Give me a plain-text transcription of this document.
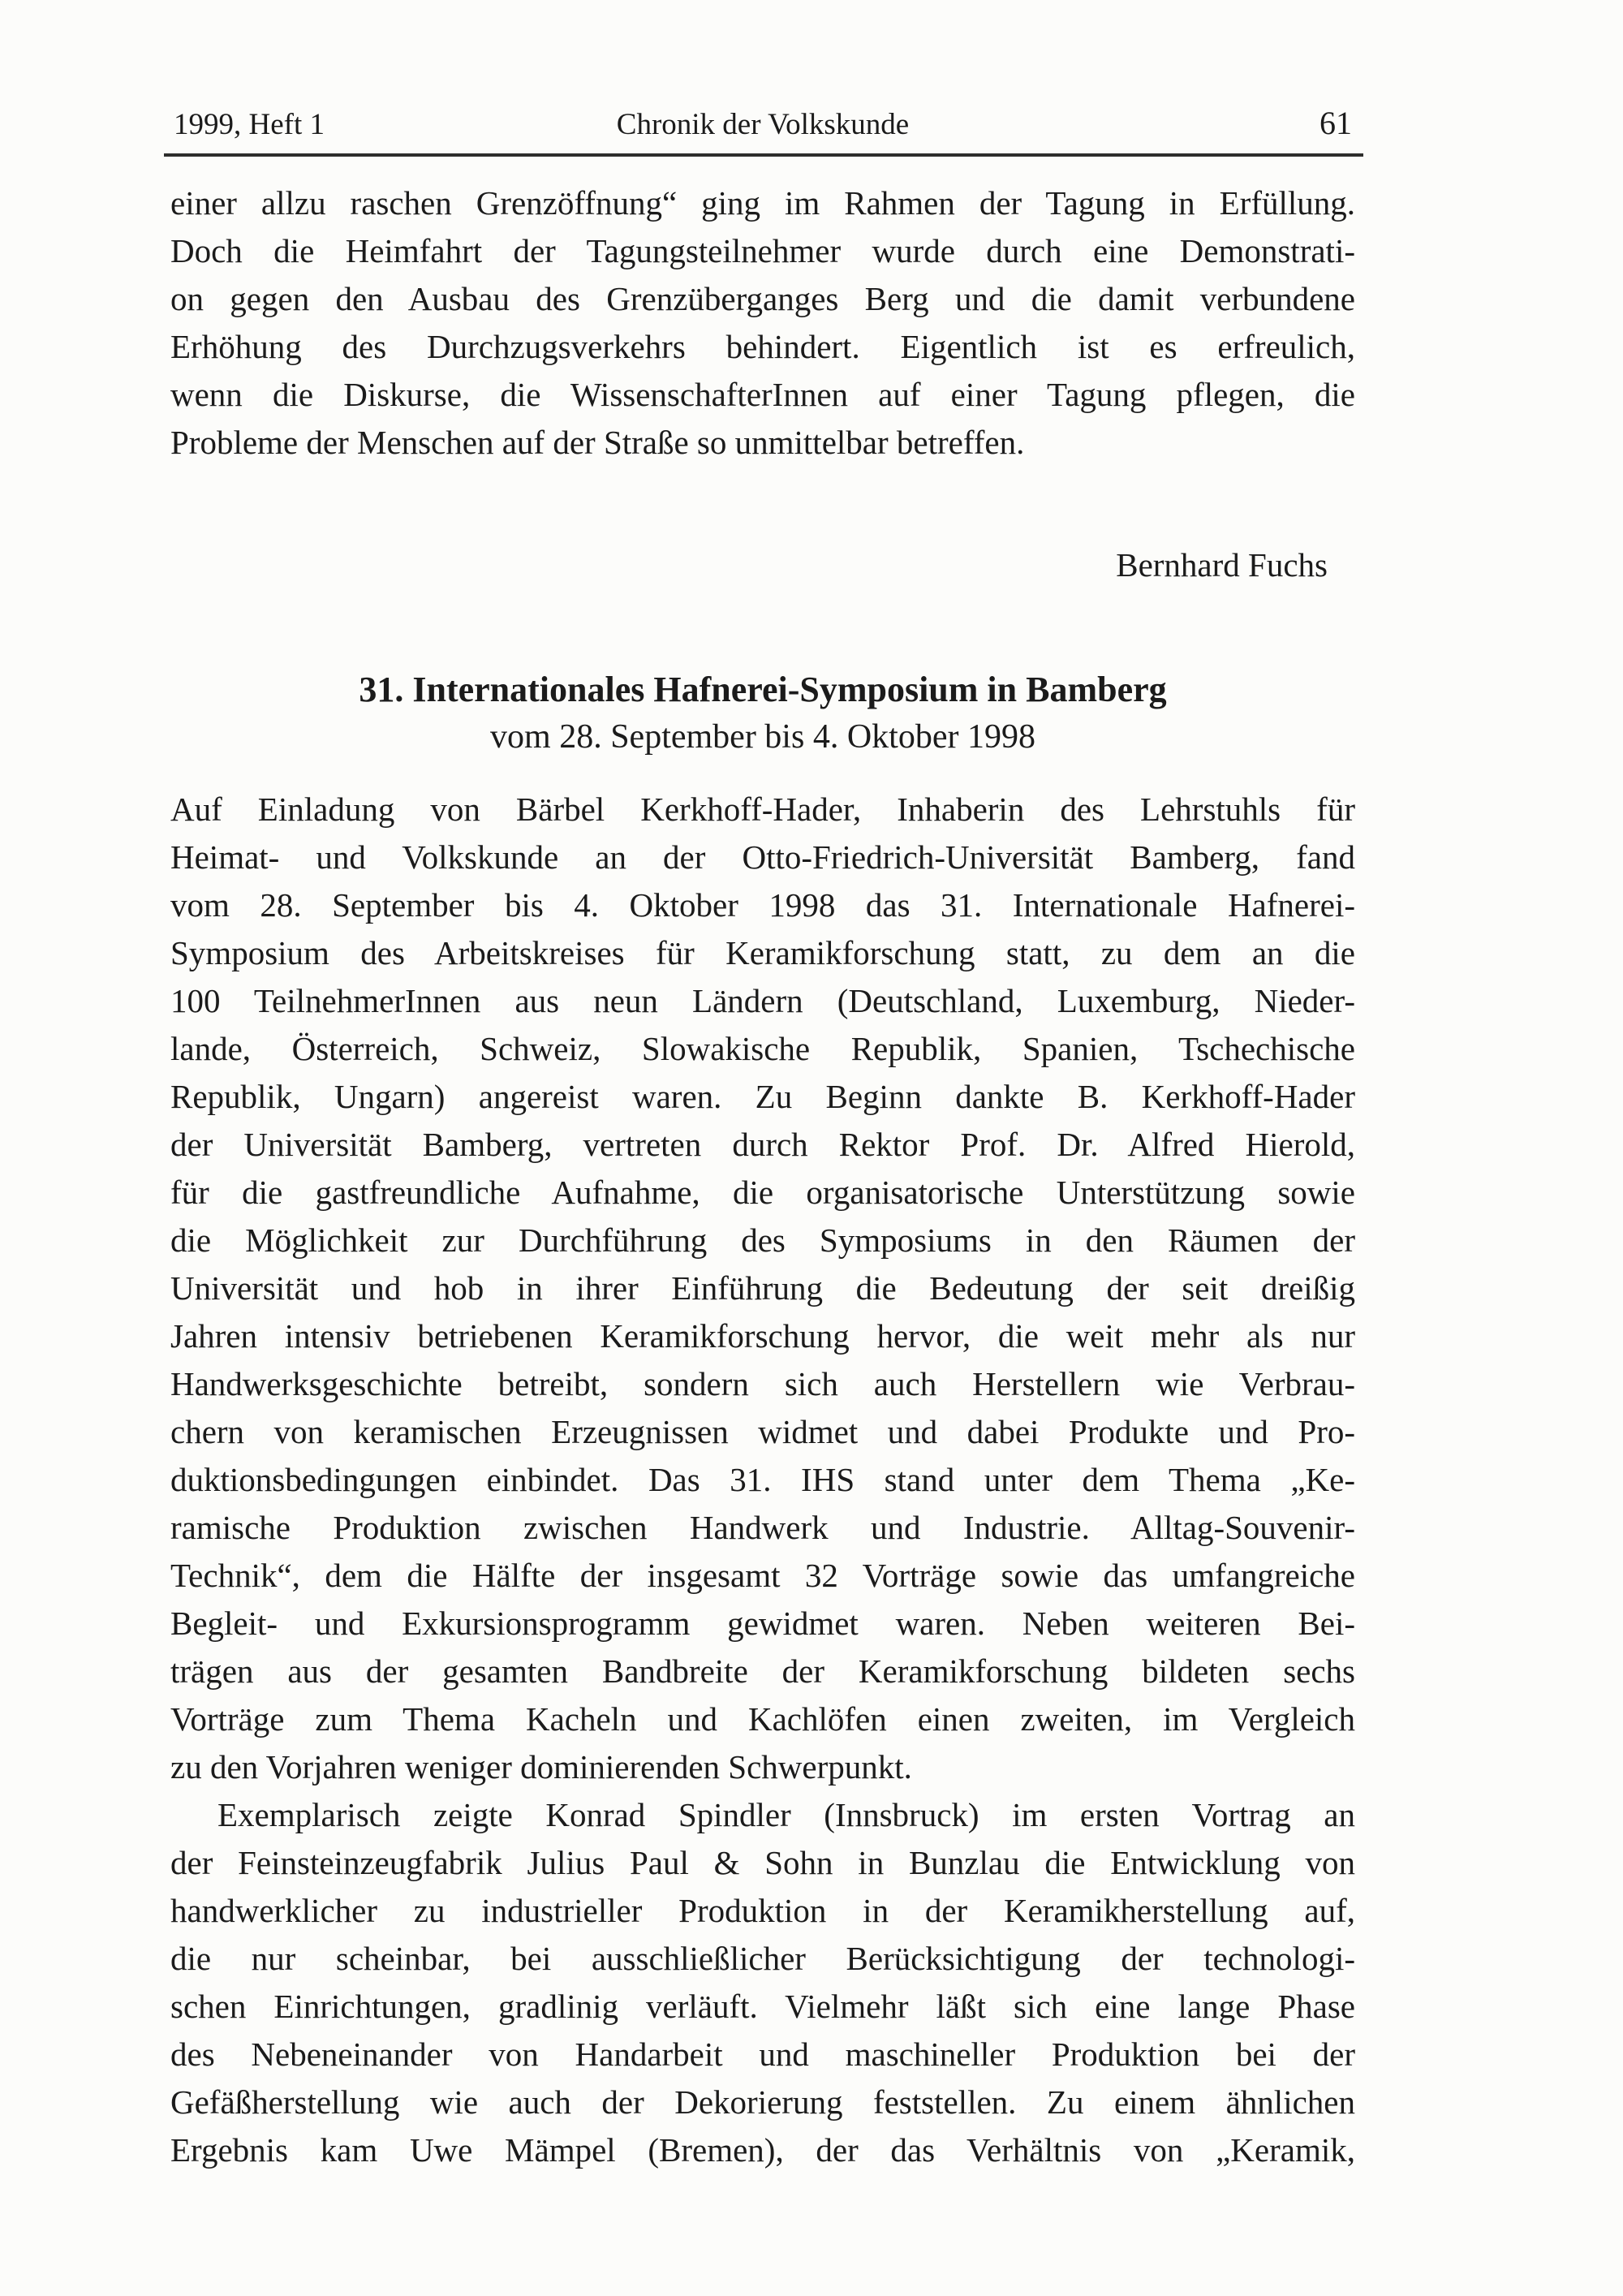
1999, Heft 1	Chronik der Volkskunde	61
einer allzu raschen Grenzöffnung“ ging im Rahmen der Tagung in Erfüllung.
Doch die Heimfahrt der Tagungsteilnehmer wurde durch eine Demonstrati-
on gegen den Ausbau des Grenzüberganges Berg und die damit verbundene
Erhöhung des Durchzugsverkehrs behindert. Eigentlich ist es erfreulich,
wenn die Diskurse, die WissenschafterInnen auf einer Tagung pflegen, die
Probleme der Menschen auf der Straße so unmittelbar betreffen.
Bernhard Fuchs
31. Internationales Hafnerei-Symposium in Bamberg
vom 28. September bis 4. Oktober 1998
Auf Einladung von Bärbel Kerkhoff-Hader, Inhaberin des Lehrstuhls für
Heimat- und Volkskunde an der Otto-Friedrich-Universität Bamberg, fand
vom 28. September bis 4. Oktober 1998 das 31. Internationale Hafnerei-
Symposium des Arbeitskreises für Keramikforschung statt, zu dem an die
100 TeilnehmerInnen aus neun Ländern (Deutschland, Luxemburg, Nieder-
lande, Österreich, Schweiz, Slowakische Republik, Spanien, Tschechische
Republik, Ungarn) angereist waren. Zu Beginn dankte B. Kerkhoff-Hader
der Universität Bamberg, vertreten durch Rektor Prof. Dr. Alfred Hierold,
für die gastfreundliche Aufnahme, die organisatorische Unterstützung sowie
die Möglichkeit zur Durchführung des Symposiums in den Räumen der
Universität und hob in ihrer Einführung die Bedeutung der seit dreißig
Jahren intensiv betriebenen Keramikforschung hervor, die weit mehr als nur
Handwerksgeschichte betreibt, sondern sich auch Herstellern wie Verbrau-
chern von keramischen Erzeugnissen widmet und dabei Produkte und Pro-
duktionsbedingungen einbindet. Das 31. IHS stand unter dem Thema „Ke-
ramische Produktion zwischen Handwerk und Industrie. Alltag-Souvenir-
Technik“, dem die Hälfte der insgesamt 32 Vorträge sowie das umfangreiche
Begleit- und Exkursionsprogramm gewidmet waren. Neben weiteren Bei-
trägen aus der gesamten Bandbreite der Keramikforschung bildeten sechs
Vorträge zum Thema Kacheln und Kachlöfen einen zweiten, im Vergleich
zu den Vorjahren weniger dominierenden Schwerpunkt.
Exemplarisch zeigte Konrad Spindler (Innsbruck) im ersten Vortrag an
der Feinsteinzeugfabrik Julius Paul & Sohn in Bunzlau die Entwicklung von
handwerklicher zu industrieller Produktion in der Keramikherstellung auf,
die nur scheinbar, bei ausschließlicher Berücksichtigung der technologi-
schen Einrichtungen, gradlinig verläuft. Vielmehr läßt sich eine lange Phase
des Nebeneinander von Handarbeit und maschineller Produktion bei der
Gefäßherstellung wie auch der Dekorierung feststellen. Zu einem ähnlichen
Ergebnis kam Uwe Mämpel (Bremen), der das Verhältnis von „Keramik,
